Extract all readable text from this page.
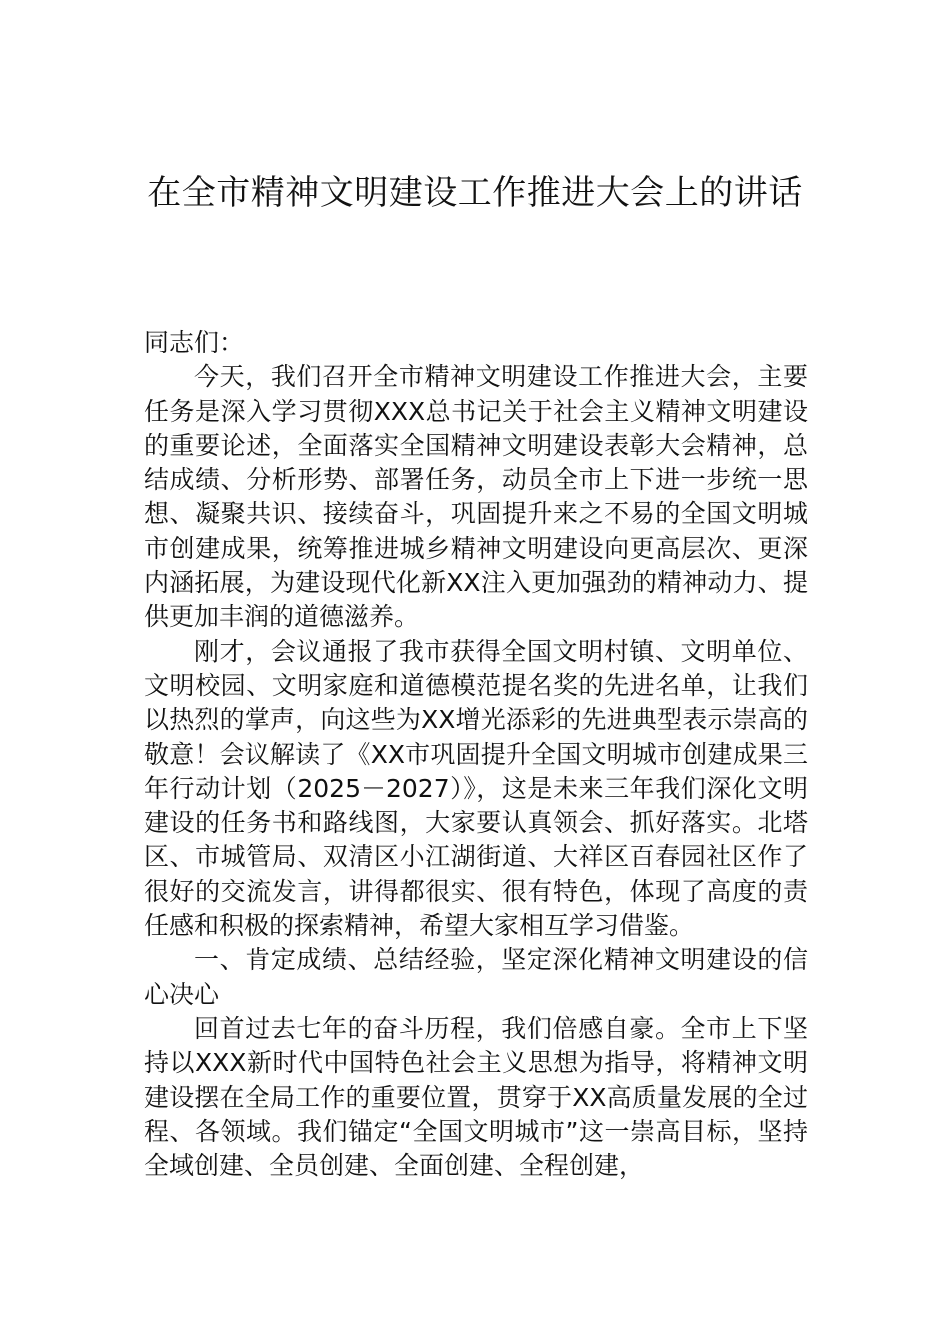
在全市精神文明建设工作推进大会上的讲话

同志们：

今天，我们召开全市精神文明建设工作推进大会，主要任务是深入学习贯彻XXX总书记关于社会主义精神文明建设的重要论述，全面落实全国精神文明建设表彰大会精神，总结成绩、分析形势、部署任务，动员全市上下进一步统一思想、凝聚共识、接续奋斗，巩固提升来之不易的全国文明城市创建成果，统筹推进城乡精神文明建设向更高层次、更深内涵拓展，为建设现代化新XX注入更加强劲的精神动力、提供更加丰润的道德滋养。

刚才，会议通报了我市获得全国文明村镇、文明单位、文明校园、文明家庭和道德模范提名奖的先进名单，让我们以热烈的掌声，向这些为XX增光添彩的先进典型表示崇高的敬意！会议解读了《XX市巩固提升全国文明城市创建成果三年行动计划（2025－2027）》，这是未来三年我们深化文明建设的任务书和路线图，大家要认真领会、抓好落实。北塔区、市城管局、双清区小江湖街道、大祥区百春园社区作了很好的交流发言，讲得都很实、很有特色，体现了高度的责任感和积极的探索精神，希望大家相互学习借鉴。

一、肯定成绩、总结经验，坚定深化精神文明建设的信心决心

回首过去七年的奋斗历程，我们倍感自豪。全市上下坚持以XXX新时代中国特色社会主义思想为指导，将精神文明建设摆在全局工作的重要位置，贯穿于XX高质量发展的全过程、各领域。我们锚定“全国文明城市”这一崇高目标，坚持全域创建、全员创建、全面创建、全程创建，
